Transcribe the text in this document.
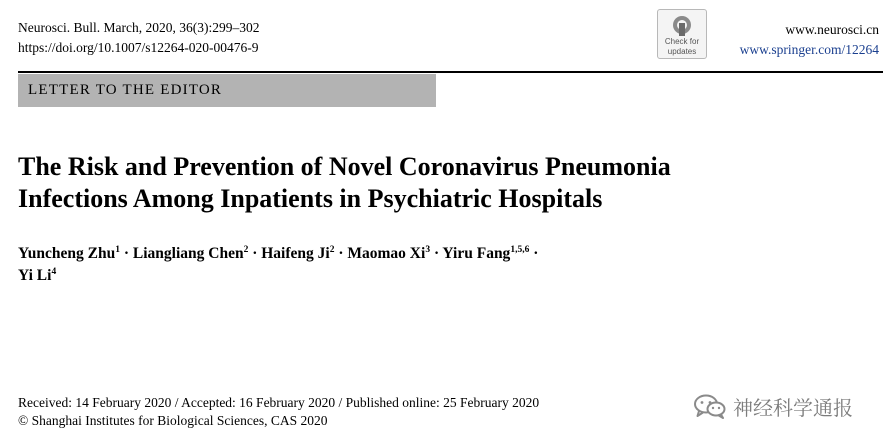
Neurosci. Bull. March, 2020, 36(3):299–302
https://doi.org/10.1007/s12264-020-00476-9	Check for
updates
www.neurosci.cn
www.springer.com/12264
LETTER TO THE EDITOR
The Risk and Prevention of Novel Coronavirus Pneumonia
Infections Among Inpatients in Psychiatric Hospitals
Yuncheng Zhu$^1$ · Liangliang Chen$^2$ · Haifeng $Ji^2$ · Maomao $Xi^3$ · Yiru Fang$^{1,5,6}$ ·
Yi Li$^4$
Received: 14 February 2020 / Accepted: 16 February 2020 / Published online: 25 February 2020
© Shanghai Institutes for Biological Sciences, CAS 2020
神经科学通报
